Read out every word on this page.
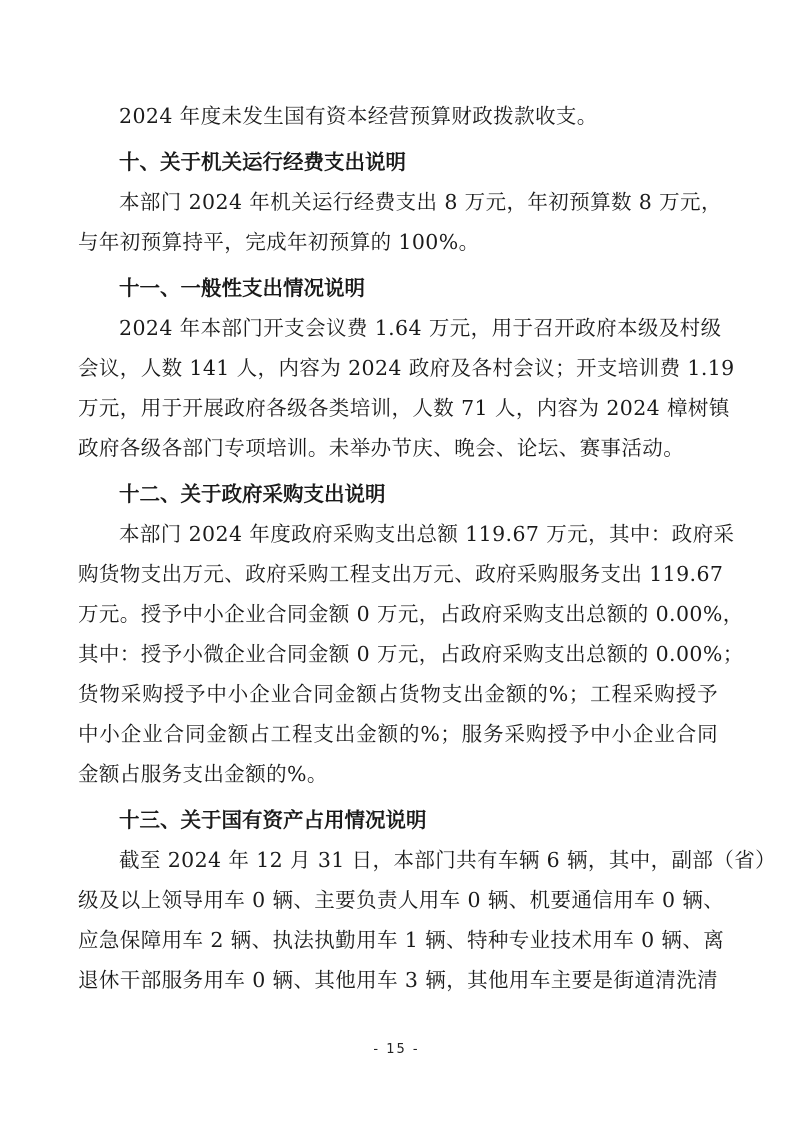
2024 年度未发生国有资本经营预算财政拨款收支。
十、关于机关运行经费支出说明
本部门 2024 年机关运行经费支出 8 万元，年初预算数 8 万元，
与年初预算持平，完成年初预算的 100%。
十一、一般性支出情况说明
2024 年本部门开支会议费 1.64 万元，用于召开政府本级及村级
会议，人数 141 人，内容为 2024 政府及各村会议；开支培训费 1.19
万元，用于开展政府各级各类培训，人数 71 人，内容为 2024 樟树镇
政府各级各部门专项培训。未举办节庆、晚会、论坛、赛事活动。
十二、关于政府采购支出说明
本部门 2024 年度政府采购支出总额 119.67 万元，其中：政府采
购货物支出万元、政府采购工程支出万元、政府采购服务支出 119.67
万元。授予中小企业合同金额 0 万元，占政府采购支出总额的 0.00%，
其中：授予小微企业合同金额 0 万元，占政府采购支出总额的 0.00%；
货物采购授予中小企业合同金额占货物支出金额的%；工程采购授予
中小企业合同金额占工程支出金额的%；服务采购授予中小企业合同
金额占服务支出金额的%。
十三、关于国有资产占用情况说明
截至 2024 年 12 月 31 日，本部门共有车辆 6 辆，其中，副部（省）
级及以上领导用车 0 辆、主要负责人用车 0 辆、机要通信用车 0 辆、
应急保障用车 2 辆、执法执勤用车 1 辆、特种专业技术用车 0 辆、离
退休干部服务用车 0 辆、其他用车 3 辆，其他用车主要是街道清洗清
- 15 -
